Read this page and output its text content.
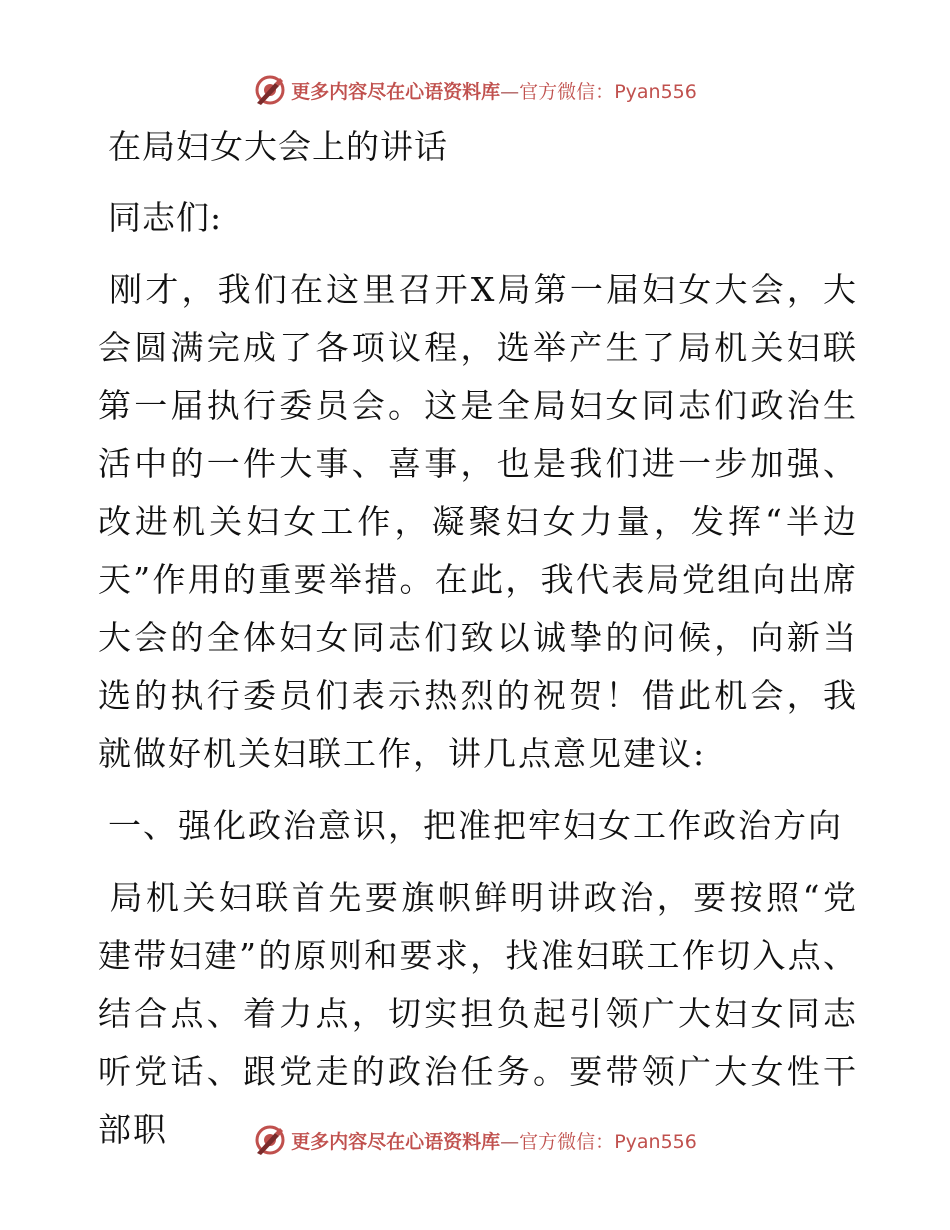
更多内容尽在心语资料库—官方微信：Pyan556
在局妇女大会上的讲话
同志们:
刚才，我们在这里召开X局第一届妇女大会，大会圆满完成了各项议程，选举产生了局机关妇联第一届执行委员会。这是全局妇女同志们政治生活中的一件大事、喜事，也是我们进一步加强、改进机关妇女工作，凝聚妇女力量，发挥“半边天”作用的重要举措。在此，我代表局党组向出席大会的全体妇女同志们致以诚挚的问候，向新当选的执行委员们表示热烈的祝贺！借此机会，我就做好机关妇联工作，讲几点意见建议:
一、强化政治意识，把准把牢妇女工作政治方向
局机关妇联首先要旗帜鲜明讲政治，要按照“党建带妇建”的原则和要求，找准妇联工作切入点、结合点、着力点，切实担负起引领广大妇女同志听党话、跟党走的政治任务。要带领广大女性干部职	更多内容尽在心语资料库—官方微信：Pyan556
